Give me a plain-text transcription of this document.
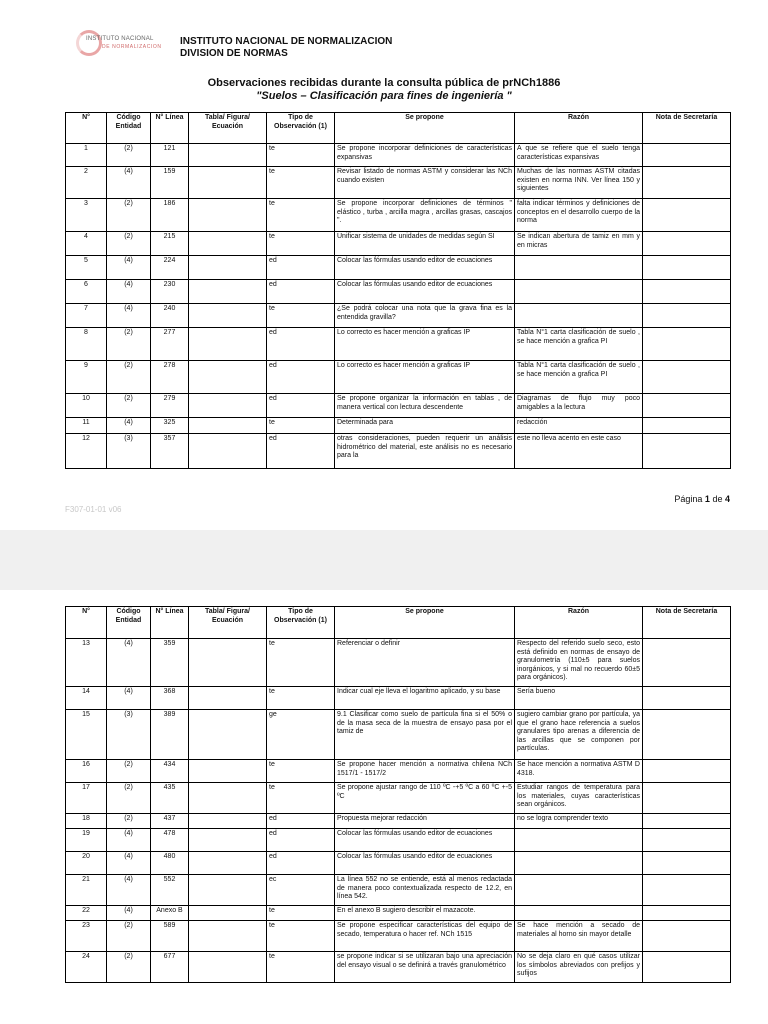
INSTITUTO NACIONAL
DE NORMALIZACION INSTITUTO NACIONAL DE NORMALIZACION
DIVISION DE NORMAS
Observaciones recibidas durante la consulta pública de prNCh1886
"Suelos – Clasificación para fines de ingeniería "
N°	Código Entidad	N° Línea	Tabla/ Figura/ Ecuación	Tipo de Observación (1)	Se propone	Razón	Nota de Secretaría
1	(2)	121		te	Se propone incorporar definiciones de características expansivas	A que se refiere que el suelo tenga características expansivas	
2	(4)	159		te	Revisar listado de normas ASTM y considerar las NCh cuando existen	Muchas de las normas ASTM citadas existen en norma INN. Ver línea 150 y siguientes	
3	(2)	186		te	Se propone incorporar definiciones de términos " elástico , turba , arcilla magra , arcillas grasas, cascajos ".	falta indicar términos y definiciones de conceptos en el desarrollo cuerpo de la norma	
4	(2)	215		te	Unificar sistema de unidades de medidas según SI	Se indican abertura de tamiz en mm y en micras	
5	(4)	224		ed	Colocar las fórmulas usando editor de ecuaciones		
6	(4)	230		ed	Colocar las fórmulas usando editor de ecuaciones		
7	(4)	240		te	¿Se podrá colocar una nota que la grava fina es la entendida gravilla?		
8	(2)	277		ed	Lo correcto es hacer mención a graficas IP	Tabla N°1 carta clasificación de suelo , se hace mención a grafica PI	
9	(2)	278		ed	Lo correcto es hacer mención a graficas IP	Tabla N°1 carta clasificación de suelo , se hace mención a grafica PI	
10	(2)	279		ed	Se propone organizar la información en tablas , de manera vertical con lectura descendente	Diagramas de flujo muy poco amigables a la lectura	
11	(4)	325		te	Determinada para	redacción	
12	(3)	357		ed	otras consideraciones, pueden requerir un análisis hidrométrico del material, este análisis no es necesario para la	este no lleva acento en este caso	
F307-01-01 v06
Página 1 de 4
N°	Código Entidad	N° Línea	Tabla/ Figura/ Ecuación	Tipo de Observación (1)	Se propone	Razón	Nota de Secretaría
13	(4)	359		te	Referenciar o definir	Respecto del referido suelo seco, esto está definido en normas de ensayo de granulometría (110±5 para suelos inorgánicos, y si mal no recuerdo 60±5 para orgánicos).	
14	(4)	368		te	Indicar cual eje lleva el logaritmo aplicado, y su base	Sería bueno	
15	(3)	389		ge	9.1 Clasificar como suelo de partícula fina si el 50% o de la masa seca de la muestra de ensayo pasa por el tamiz de	sugiero cambiar grano por partícula, ya que el grano hace referencia a suelos granulares tipo arenas a diferencia de las arcillas que se componen por partículas.	
16	(2)	434		te	Se propone hacer mención a normativa chilena NCh 1517/1 - 1517/2	Se hace mención a normativa ASTM D 4318.	
17	(2)	435		te	Se propone ajustar rango de 110 ºC -+5 ºC a 60 ºC +-5 ºC	Estudiar rangos de temperatura para los materiales, cuyas características sean orgánicos.	
18	(2)	437		ed	Propuesta mejorar redacción	no se logra comprender texto	
19	(4)	478		ed	Colocar las fórmulas usando editor de ecuaciones		
20	(4)	480		ed	Colocar las fórmulas usando editor de ecuaciones		
21	(4)	552		ec	La línea 552 no se entiende, está al menos redactada de manera poco contextualizada respecto de 12.2, en línea 542.		
22	(4)	Anexo B		te	En el anexo B sugiero describir el mazacote.		
23	(2)	589		te	Se propone especificar características del equipo de secado, temperatura o hacer ref. NCh 1515	Se hace mención a secado de materiales al horno sin mayor detalle	
24	(2)	677		te	se propone indicar si se utilizaran bajo una apreciación del ensayo visual o se definirá a través granulométrico	No se deja claro en qué casos utilizar los símbolos abreviados con prefijos y sufijos	
